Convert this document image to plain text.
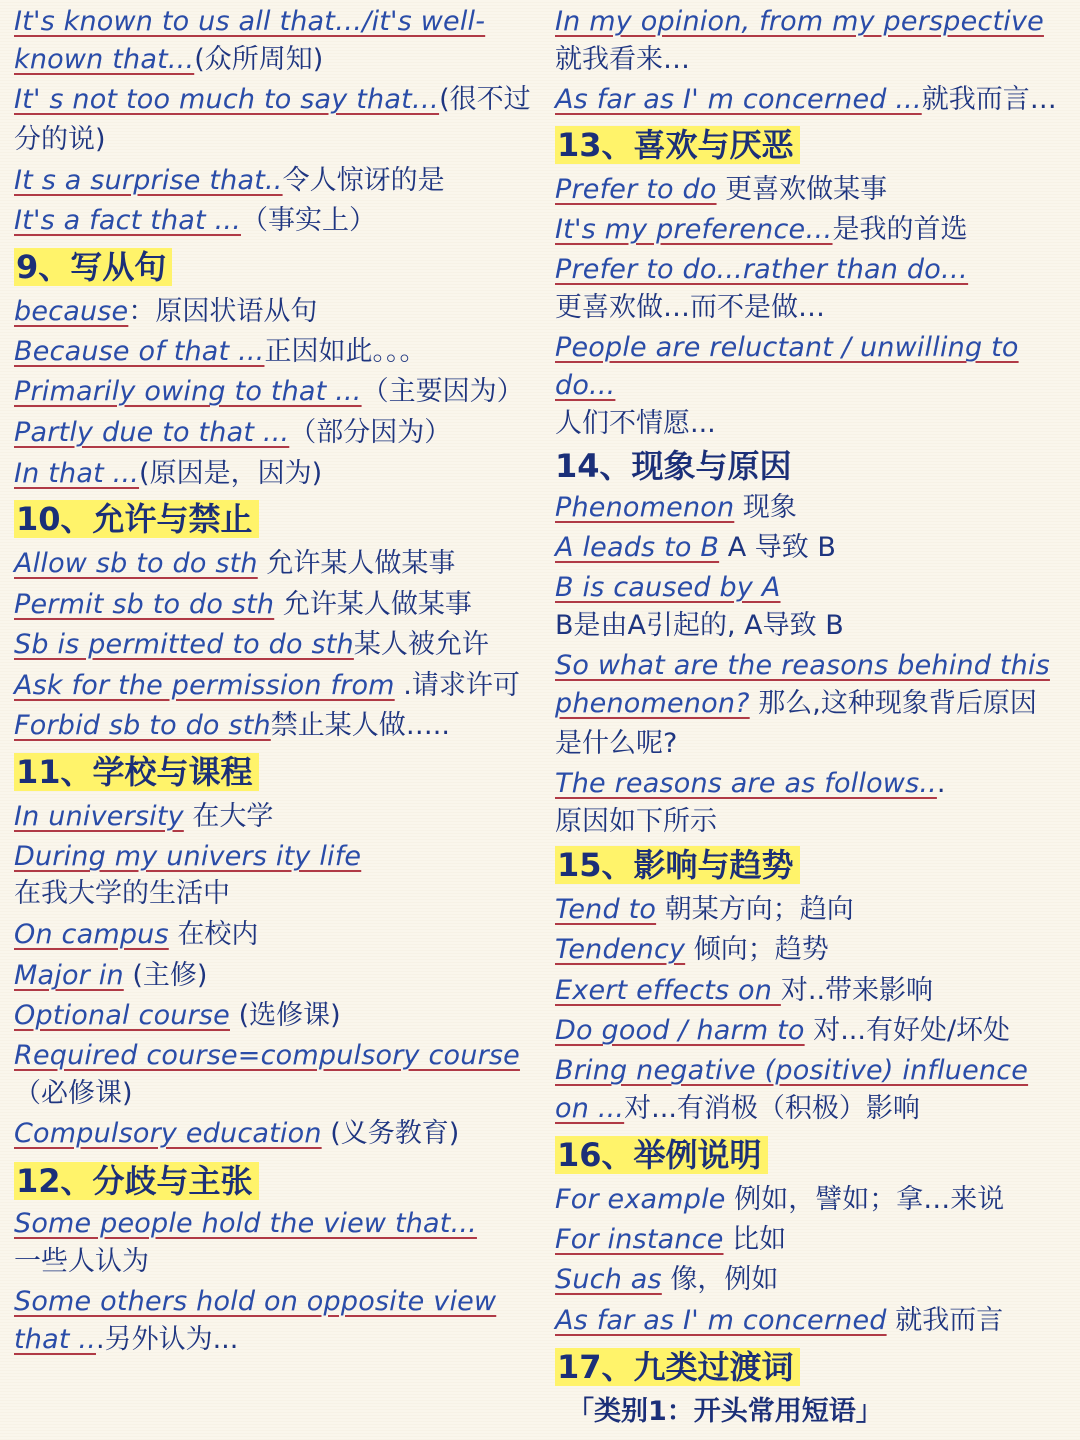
It's known to us all that…/it's well-
known that...(众所周知)
It' s not too much to say that…(很不过
分的说)
It s a surprise that..令人惊讶的是
It's a fact that ...（事实上）
9、写从句
because：原因状语从句
Because of that ...正因如此。。。
Primarily owing to that ...（主要因为）
Partly due to that ...（部分因为）
In that ...(原因是，因为)
10、允许与禁止
Allow sb to do sth 允许某人做某事
Permit sb to do sth 允许某人做某事
Sb is permitted to do sth某人被允许
Ask for the permission from .请求许可
Forbid sb to do sth禁止某人做…..
11、学校与课程
In university 在大学
During my univers ity life
在我大学的生活中
On campus 在校内
Major in (主修)
Optional course (选修课)
Required course=compulsory course
（必修课)
Compulsory education (义务教育)
12、分歧与主张
Some people hold the view that...
一些人认为
Some others hold on opposite view
that ...另外认为...
In my opinion, from my perspective
就我看来…
As far as I' m concerned ...就我而言…
13、喜欢与厌恶
Prefer to do 更喜欢做某事
It's my preference…是我的首选
Prefer to do...rather than do…
更喜欢做…而不是做…
People are reluctant / unwilling to
do...
人们不情愿...
14、现象与原因
Phenomenon 现象
A leads to B A 导致 B
B is caused by A
B是由A引起的, A导致 B
So what are the reasons behind this
phenomenon? 那么,这种现象背后原因
是什么呢?
The reasons are as follows...
原因如下所示
15、影响与趋势
Tend to 朝某方向；趋向
Tendency 倾向；趋势
Exert effects on 对..带来影响
Do good / harm to 对...有好处/坏处
Bring negative (positive) influence
on ...对...有消极（积极）影响
16、举例说明
For example 例如，譬如；拿…来说
For instance 比如
Such as 像，例如
As far as I' m concerned 就我而言
17、九类过渡词
「类别1：开头常用短语」
